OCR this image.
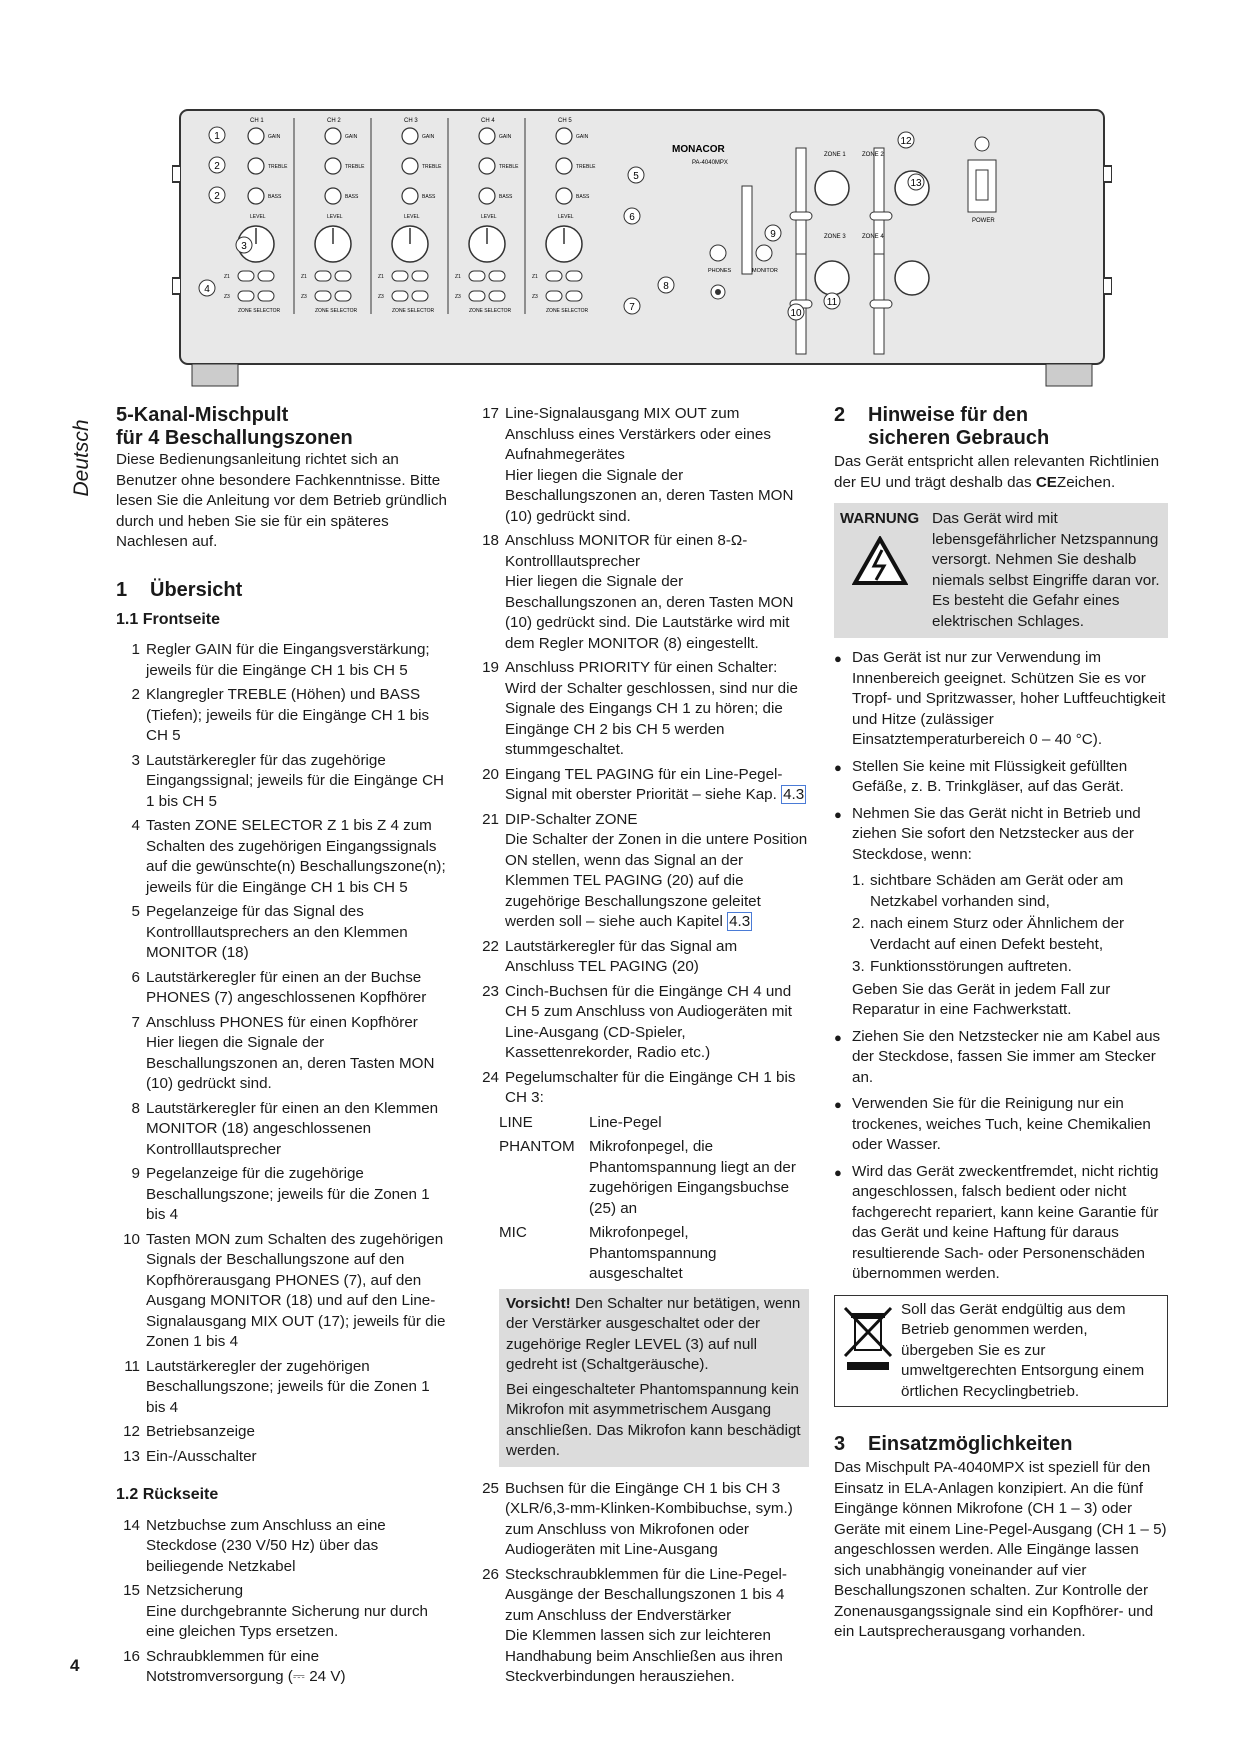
CH 1
GAIN
TREBLE
BASS
LEVEL
Z1
Z3
ZONE SELECTOR
CH 2
GAIN
TREBLE
BASS
LEVEL
Z1
Z3
ZONE SELECTOR
CH 3
GAIN
TREBLE
BASS
LEVEL
Z1
Z3
ZONE SELECTOR
CH 4
GAIN
TREBLE
BASS
LEVEL
Z1
Z3
ZONE SELECTOR
CH 5
GAIN
TREBLE
BASS
LEVEL
Z1
Z3
ZONE SELECTOR
MONACOR
PA-4040MPX
ZONE 1	ZONE 2
ZONE 3	ZONE 4
PHONES	MONITOR
POWER
1
2
2
3
4
5
6
7
8
9
10
11
12
13
Deutsch
5-Kanal-Mischpult
für 4 Beschallungszonen

Diese Bedienungsanleitung richtet sich an Benutzer ohne besondere Fachkenntnisse. Bitte lesen Sie die Anleitung vor dem Betrieb gründlich durch und heben Sie sie für ein späteres Nachlesen auf.

1	Übersicht
1.1 Frontseite
1 Regler GAIN für die Eingangsverstärkung; jeweils für die Eingänge CH 1 bis CH 5
2 Klangregler TREBLE (Höhen) und BASS (Tiefen); jeweils für die Eingänge CH 1 bis CH 5
3 Lautstärkeregler für das zugehörige Eingangssignal; jeweils für die Eingänge CH 1 bis CH 5
4 Tasten ZONE SELECTOR Z 1 bis Z 4 zum Schalten des zugehörigen Eingangssignals auf die gewünschte(n) Beschallungszone(n); jeweils für die Eingänge CH 1 bis CH 5
5 Pegelanzeige für das Signal des Kontrolllautsprechers an den Klemmen MONITOR (18)
6 Lautstärkeregler für einen an der Buchse PHONES (7) angeschlossenen Kopfhörer
7 Anschluss PHONES für einen Kopfhörer
Hier liegen die Signale der Beschallungszonen an, deren Tasten MON (10) gedrückt sind.
8 Lautstärkeregler für einen an den Klemmen MONITOR (18) angeschlossenen Kontrolllautsprecher
9 Pegelanzeige für die zugehörige Beschallungszone; jeweils für die Zonen 1 bis 4
10 Tasten MON zum Schalten des zugehörigen Signals der Beschallungszone auf den Kopfhörerausgang PHONES (7), auf den Ausgang MONITOR (18) und auf den Line-Signalausgang MIX OUT (17); jeweils für die Zonen 1 bis 4
11 Lautstärkeregler der zugehörigen Beschallungszone; jeweils für die Zonen 1 bis 4
12 Betriebsanzeige
13 Ein-/Ausschalter
1.2 Rückseite
14 Netzbuchse zum Anschluss an eine Steckdose (230 V/50 Hz) über das beiliegende Netzkabel
15 Netzsicherung
Eine durchgebrannte Sicherung nur durch eine gleichen Typs ersetzen.
16 Schraubklemmen für eine Notstromversorgung (⎓ 24 V)
17 Line-Signalausgang MIX OUT zum Anschluss eines Verstärkers oder eines Aufnahmegerätes
Hier liegen die Signale der Beschallungszonen an, deren Tasten MON (10) gedrückt sind.
18 Anschluss MONITOR für einen 8-Ω-Kontrolllautsprecher
Hier liegen die Signale der Beschallungszonen an, deren Tasten MON (10) gedrückt sind. Die Lautstärke wird mit dem Regler MONITOR (8) eingestellt.
19 Anschluss PRIORITY für einen Schalter: Wird der Schalter geschlossen, sind nur die Signale des Eingangs CH 1 zu hören; die Eingänge CH 2 bis CH 5 werden stummgeschaltet.
20 Eingang TEL PAGING für ein Line-Pegel-Signal mit oberster Priorität – siehe Kap. 4.3
21 DIP-Schalter ZONE
Die Schalter der Zonen in die untere Position ON stellen, wenn das Signal an der Klemmen TEL PAGING (20) auf die zugehörige Beschallungszone geleitet werden soll – siehe auch Kapitel 4.3
22 Lautstärkeregler für das Signal am Anschluss TEL PAGING (20)
23 Cinch-Buchsen für die Eingänge CH 4 und CH 5 zum Anschluss von Audiogeräten mit Line-Ausgang (CD-Spieler, Kassettenrekorder, Radio etc.)
24 Pegelumschalter für die Eingänge CH 1 bis CH 3:
LINE	Line-Pegel
PHANTOM Mikrofonpegel, die Phantomspannung liegt an der zugehörigen Eingangsbuchse (25) an
MIC	Mikrofonpegel, Phantomspannung ausgeschaltet

Vorsicht! Den Schalter nur betätigen, wenn der Verstärker ausgeschaltet oder der zugehörige Regler LEVEL (3) auf null gedreht ist (Schaltgeräusche).

Bei eingeschalteter Phantomspannung kein Mikrofon mit asymmetrischem Ausgang anschließen. Das Mikrofon kann beschädigt werden.

25 Buchsen für die Eingänge CH 1 bis CH 3 (XLR/6,3-mm-Klinken-Kombibuchse, sym.) zum Anschluss von Mikrofonen oder Audiogeräten mit Line-Ausgang
26 Steckschraubklemmen für die Line-Pegel-Ausgänge der Beschallungszonen 1 bis 4 zum Anschluss der Endverstärker
Die Klemmen lassen sich zur leichteren Handhabung beim Anschließen aus ihren Steckverbindungen herausziehen.
2	Hinweise für den
sicheren Gebrauch

Das Gerät entspricht allen relevanten Richtlinien der EU und trägt deshalb das CEZeichen.

WARNUNG Das Gerät wird mit lebensgefährlicher Netzspannung versorgt. Nehmen Sie deshalb niemals selbst Eingriffe daran vor. Es besteht die Gefahr eines elektrischen Schlages.
● Das Gerät ist nur zur Verwendung im Innenbereich geeignet. Schützen Sie es vor Tropf- und Spritzwasser, hoher Luftfeuchtigkeit und Hitze (zulässiger Einsatztemperaturbereich 0 – 40 °C).
● Stellen Sie keine mit Flüssigkeit gefüllten Gefäße, z. B. Trinkgläser, auf das Gerät.
● Nehmen Sie das Gerät nicht in Betrieb und ziehen Sie sofort den Netzstecker aus der Steckdose, wenn:
1. sichtbare Schäden am Gerät oder am Netzkabel vorhanden sind,
2. nach einem Sturz oder Ähnlichem der Verdacht auf einen Defekt besteht,
3. Funktionsstörungen auftreten.

Geben Sie das Gerät in jedem Fall zur Reparatur in eine Fachwerkstatt.

● Ziehen Sie den Netzstecker nie am Kabel aus der Steckdose, fassen Sie immer am Stecker an.
● Verwenden Sie für die Reinigung nur ein trockenes, weiches Tuch, keine Chemikalien oder Wasser.
● Wird das Gerät zweckentfremdet, nicht richtig angeschlossen, falsch bedient oder nicht fachgerecht repariert, kann keine Garantie für das Gerät und keine Haftung für daraus resultierende Sach- oder Personenschäden übernommen werden.
Soll das Gerät endgültig aus dem Betrieb genommen werden, übergeben Sie es zur umweltgerechten Entsorgung einem örtlichen Recyclingbetrieb.
3	Einsatzmöglichkeiten

Das Mischpult PA-4040MPX ist speziell für den Einsatz in ELA-Anlagen konzipiert. An die fünf Eingänge können Mikrofone (CH 1 – 3) oder Geräte mit einem Line-Pegel-Ausgang (CH 1 – 5) angeschlossen werden. Alle Eingänge lassen sich unabhängig voneinander auf vier Beschallungszonen schalten. Zur Kontrolle der Zonenausgangssignale sind ein Kopfhörer- und ein Lautsprecherausgang vorhanden.

4
